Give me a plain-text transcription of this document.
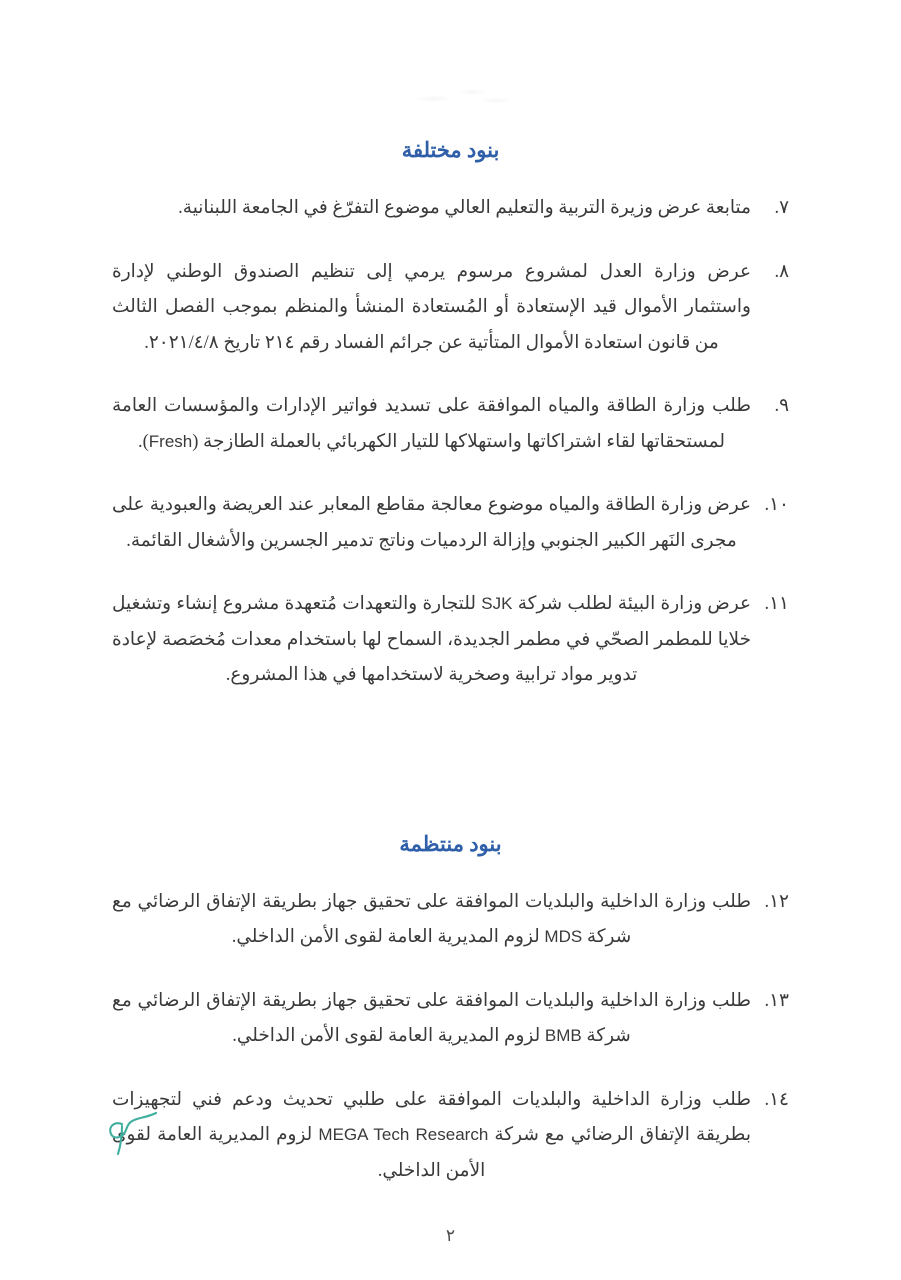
بنود مختلفة
٧.
متابعة عرض وزيرة التربية والتعليم العالي موضوع التفرّغ في الجامعة اللبنانية.
٨.
عرض وزارة العدل لمشروع مرسوم يرمي إلى تنظيم الصندوق الوطني لإدارة واستثمار الأموال قيد الإستعادة أو المُستعادة المنشأ والمنظم بموجب الفصل الثالث من قانون استعادة الأموال المتأتية عن جرائم الفساد رقم ٢١٤ تاريخ ٢٠٢١/٤/٨.
٩.
طلب وزارة الطاقة والمياه الموافقة على تسديد فواتير الإدارات والمؤسسات العامة لمستحقاتها لقاء اشتراكاتها واستهلاكها للتيار الكهربائي بالعملة الطازجة (Fresh).
١٠.
عرض وزارة الطاقة والمياه موضوع معالجة مقاطع المعابر عند العريضة والعبودية على مجرى النَهر الكبير الجنوبي وإزالة الردميات وناتج تدمير الجسرين والأشغال القائمة.
١١.
عرض وزارة البيئة لطلب شركة SJK للتجارة والتعهدات مُتعهدة مشروع إنشاء وتشغيل خلايا للمطمر الصحّي في مطمر الجديدة، السماح لها باستخدام معدات مُخصَصة لإعادة تدوير مواد ترابية وصخرية لاستخدامها في هذا المشروع.
بنود منتظمة
١٢.
طلب وزارة الداخلية والبلديات الموافقة على تحقيق جهاز بطريقة الإتفاق الرضائي مع شركة MDS لزوم المديرية العامة لقوى الأمن الداخلي.
١٣.
طلب وزارة الداخلية والبلديات الموافقة على تحقيق جهاز بطريقة الإتفاق الرضائي مع شركة BMB لزوم المديرية العامة لقوى الأمن الداخلي.
١٤.
طلب وزارة الداخلية والبلديات الموافقة على طلبي تحديث ودعم فني لتجهيزات بطريقة الإتفاق الرضائي مع شركة MEGA Tech Research لزوم المديرية العامة لقوى الأمن الداخلي.
٢
